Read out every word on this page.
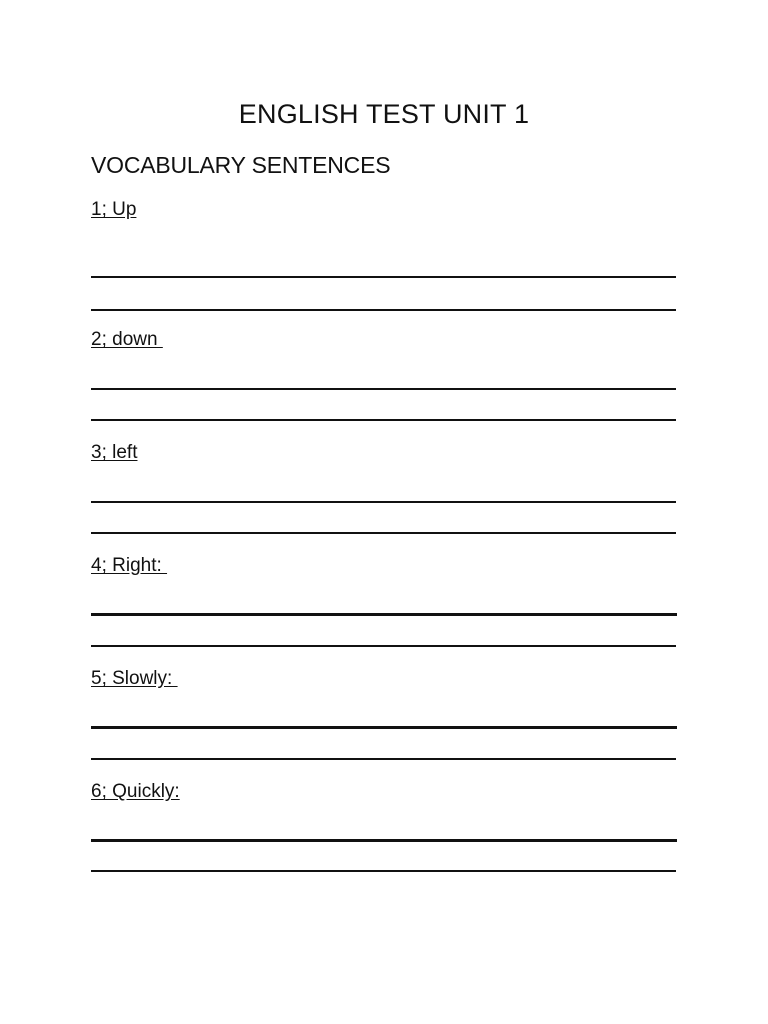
ENGLISH TEST UNIT 1
VOCABULARY SENTENCES
1; Up
2; down
3; left
4; Right:
5; Slowly:
6; Quickly:
